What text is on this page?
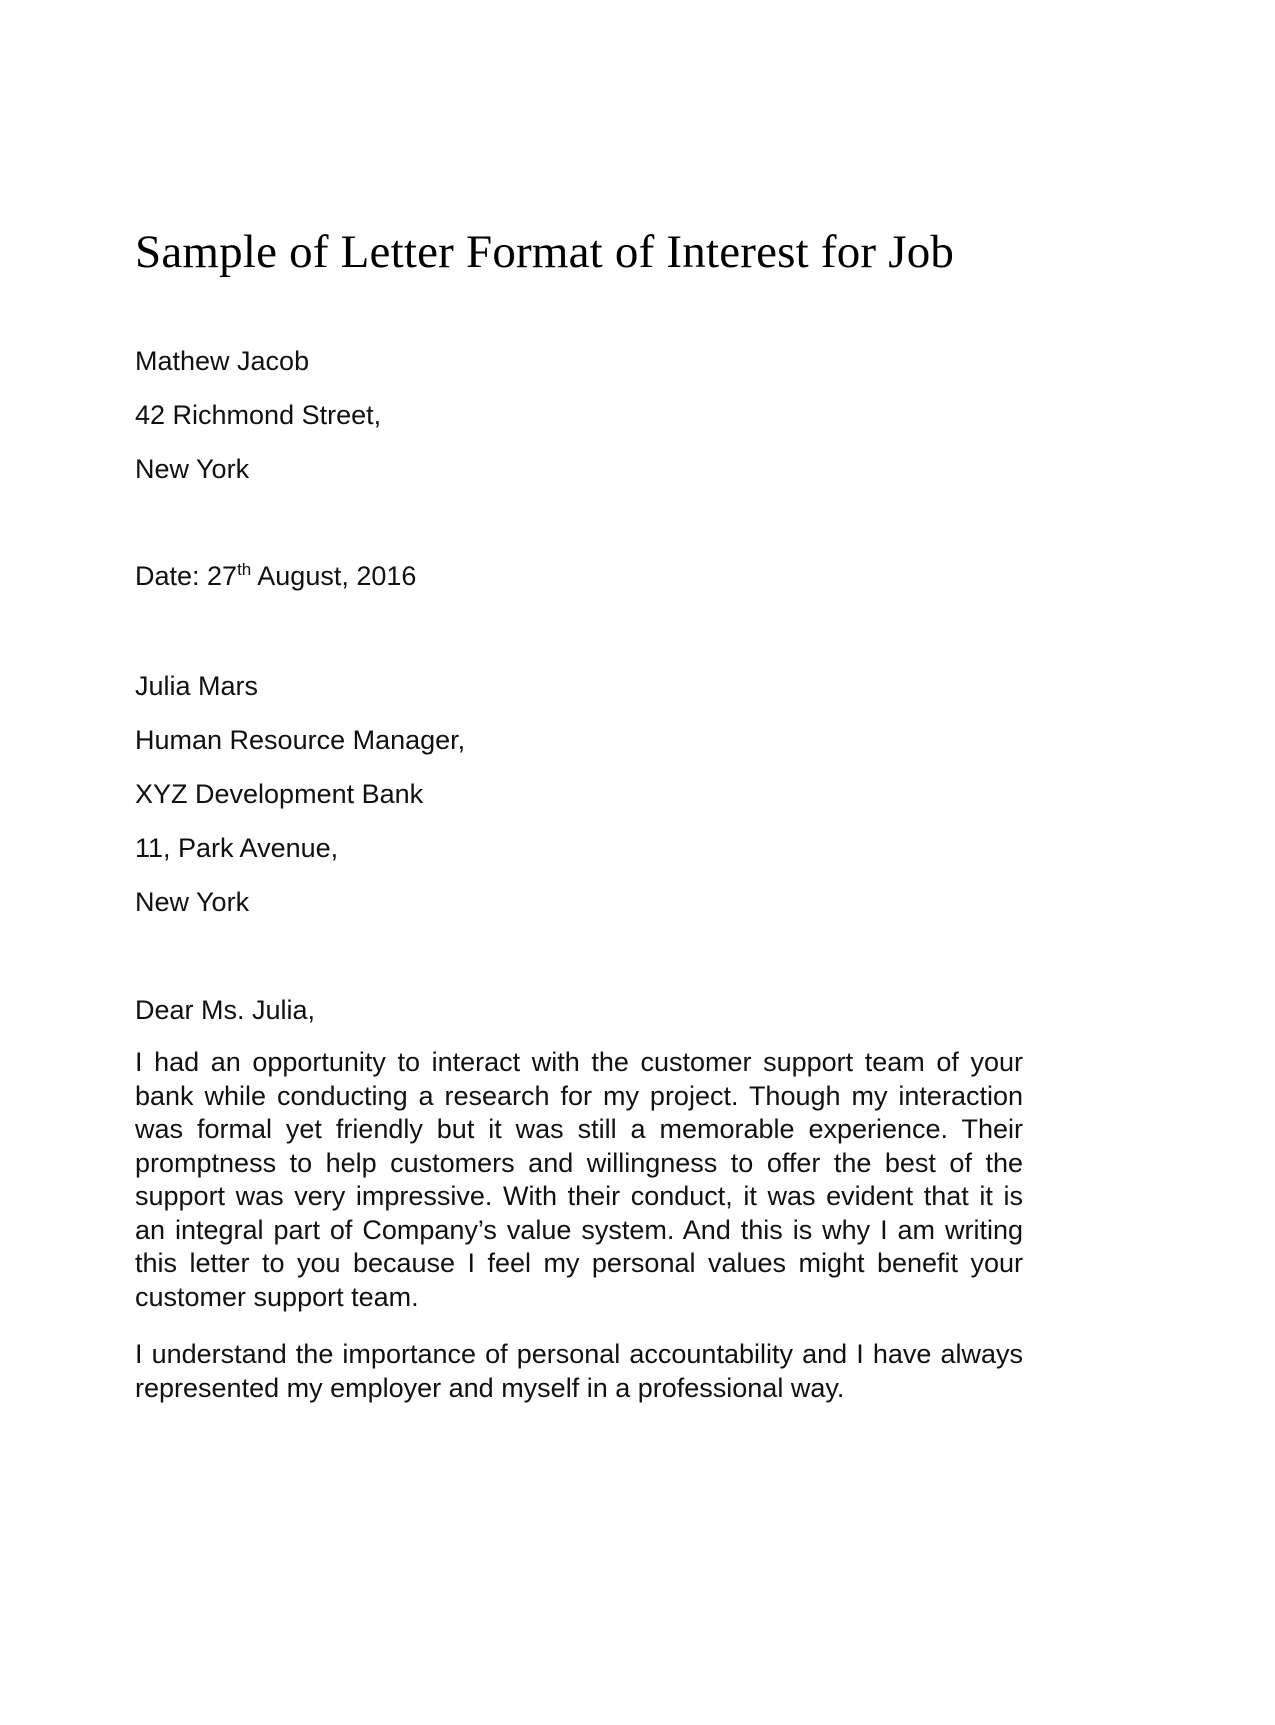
Sample of Letter Format of Interest for Job

Mathew Jacob

42 Richmond Street,

New York

Date: 27th August, 2016

Julia Mars

Human Resource Manager,

XYZ Development Bank

11, Park Avenue,

New York

Dear Ms. Julia,

I had an opportunity to interact with the customer support team of your bank while conducting a research for my project. Though my interaction was formal yet friendly but it was still a memorable experience. Their promptness to help customers and willingness to offer the best of the support was very impressive. With their conduct, it was evident that it is an integral part of Company’s value system. And this is why I am writing this letter to you because I feel my personal values might benefit your customer support team.

I understand the importance of personal accountability and I have always represented my employer and myself in a professional way.
